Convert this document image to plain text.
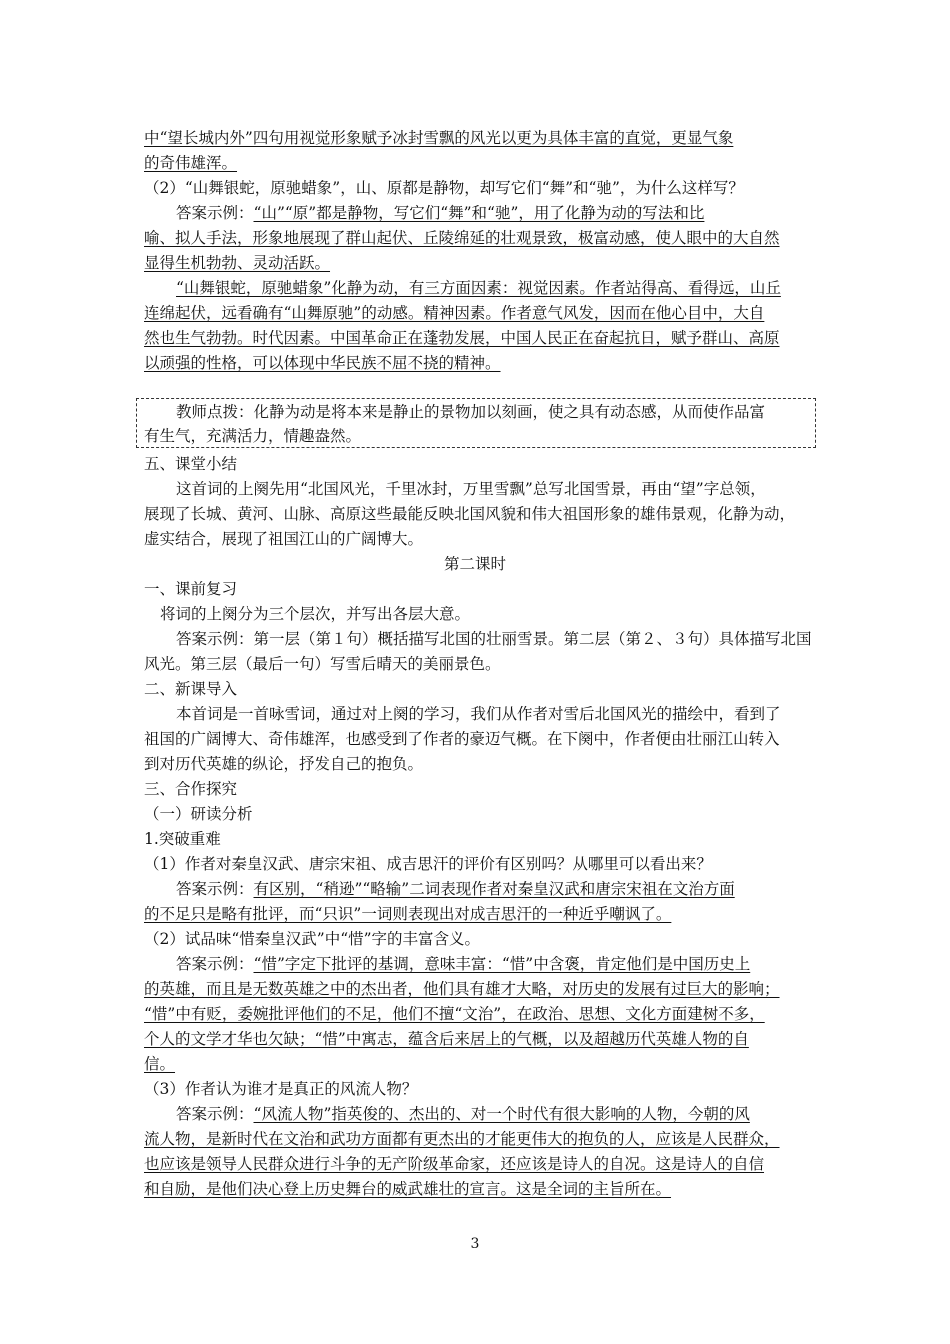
中“望长城内外”四句用视觉形象赋予冰封雪飘的风光以更为具体丰富的直觉，更显气象
的奇伟雄浑。
（2）“山舞银蛇，原驰蜡象”，山、原都是静物，却写它们“舞”和“驰”，为什么这样写？
答案示例：“山”“原”都是静物，写它们“舞”和“驰”，用了化静为动的写法和比
喻、拟人手法，形象地展现了群山起伏、丘陵绵延的壮观景致，极富动感，使人眼中的大自然
显得生机勃勃、灵动活跃。
“山舞银蛇，原驰蜡象”化静为动，有三方面因素：视觉因素。作者站得高、看得远，山丘
连绵起伏，远看确有“山舞原驰”的动感。精神因素。作者意气风发，因而在他心目中，大自
然也生气勃勃。时代因素。中国革命正在蓬勃发展，中国人民正在奋起抗日，赋予群山、高原
以顽强的性格，可以体现中华民族不屈不挠的精神。
教师点拨：化静为动是将本来是静止的景物加以刻画，使之具有动态感，从而使作品富
有生气，充满活力，情趣盎然。
五、课堂小结
这首词的上阕先用“北国风光，千里冰封，万里雪飘”总写北国雪景，再由“望”字总领，
展现了长城、黄河、山脉、高原这些最能反映北国风貌和伟大祖国形象的雄伟景观，化静为动，
虚实结合，展现了祖国江山的广阔博大。
第二课时
一、课前复习
将词的上阕分为三个层次，并写出各层大意。
答案示例：第一层（第１句）概括描写北国的壮丽雪景。第二层（第２、３句）具体描写北国
风光。第三层（最后一句）写雪后晴天的美丽景色。
二、新课导入
本首词是一首咏雪词，通过对上阕的学习，我们从作者对雪后北国风光的描绘中，看到了
祖国的广阔博大、奇伟雄浑，也感受到了作者的豪迈气概。在下阕中，作者便由壮丽江山转入
到对历代英雄的纵论，抒发自己的抱负。
三、合作探究
（一）研读分析
1.突破重难
（1）作者对秦皇汉武、唐宗宋祖、成吉思汗的评价有区别吗？从哪里可以看出来？
答案示例：有区别，“稍逊”“略输”二词表现作者对秦皇汉武和唐宗宋祖在文治方面
的不足只是略有批评，而“只识”一词则表现出对成吉思汗的一种近乎嘲讽了。
（2）试品味“惜秦皇汉武”中“惜”字的丰富含义。
答案示例：“惜”字定下批评的基调，意味丰富：“惜”中含褒，肯定他们是中国历史上
的英雄，而且是无数英雄之中的杰出者，他们具有雄才大略，对历史的发展有过巨大的影响；
“惜”中有贬，委婉批评他们的不足，他们不擅“文治”，在政治、思想、文化方面建树不多，
个人的文学才华也欠缺；“惜”中寓志，蕴含后来居上的气概，以及超越历代英雄人物的自
信。
（3）作者认为谁才是真正的风流人物？
答案示例：“风流人物”指英俊的、杰出的、对一个时代有很大影响的人物，今朝的风
流人物，是新时代在文治和武功方面都有更杰出的才能更伟大的抱负的人，应该是人民群众，
也应该是领导人民群众进行斗争的无产阶级革命家，还应该是诗人的自况。这是诗人的自信
和自励，是他们决心登上历史舞台的威武雄壮的宣言。这是全词的主旨所在。
3
